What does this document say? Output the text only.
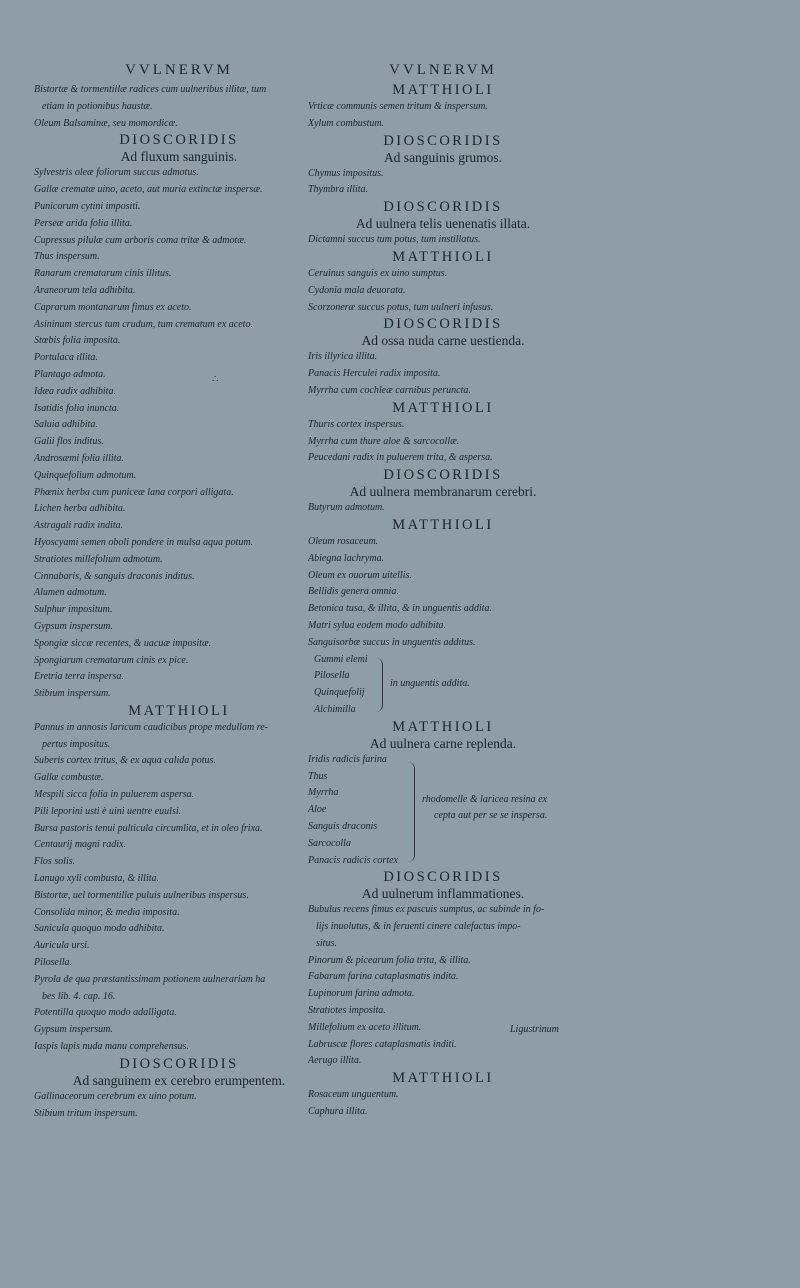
VVLNERVM
Bistortæ & tormentillæ radices cum uulneribus illitæ, tum
etiam in potionibus haustæ.
Oleum Balsaminæ, seu momordicæ.
DIOSCORIDIS
Ad fluxum sanguinis.
Sylvestris oleæ foliorum succus admotus.
Gallæ crematæ uino, aceto, aut muria extinctæ inspersæ.
Punicorum cytini impositi.
Perseæ arida folia illita.
Cupressus pilulæ cum arboris coma tritæ & admotæ.
Thus inspersum.
Ranarum crematarum cinis illitus.
Araneorum tela adhibita.
Caprarum montanarum fimus ex aceto.
Asininum stercus tum crudum, tum crematum ex aceto.
Stœbis folia imposita.
Portulaca illita.
Plantago admota.
Idæa radix adhibita.
Isatidis folia inuncta.
Saluia adhibita.
Galii flos inditus.
Androsæmi folia illita.
Quinquefolium admotum.
Phœnix herba cum puniceæ lana corpori alligata.
Lichen herba adhibita.
Astragali radix indita.
Hyoscyami semen oboli pondere in mulsa aqua potum.
Stratiotes millefolium admotum.
Cinnabaris, & sanguis draconis inditus.
Alumen admotum.
Sulphur impositum.
Gypsum inspersum.
Spongiæ siccæ recentes, & uacuæ impositæ.
Spongiarum crematarum cinis ex pice.
Eretria terra inspersa.
Stibium inspersum.
MATTHIOLI
Pannus in annosis laricum caudicibus prope medullam re-
pertus impositus.
Suberis cortex tritus, & ex aqua calida potus.
Gallæ combustæ.
Mespili sicca folia in puluerem aspersa.
Pili leporini usti è uini uentre euulsi.
Bursa pastoris tenui pulticula circumlita, et in oleo frixa.
Centaurij magni radix.
Flos solis.
Lanugo xyli combusta, & illita.
Bistortæ, uel tormentillæ puluis uulneribus inspersus.
Consolida minor, & media imposita.
Sanicula quoquo modo adhibita.
Auricula ursi.
Pilosella.
Pyrola de qua præstantissimam potionem uulnerariam ha
bes lib. 4. cap. 16.
Potentilla quoquo modo adalligata.
Gypsum inspersum.
Iaspis lapis nuda manu comprehensus.
DIOSCORIDIS
Ad sanguinem ex cerebro erumpentem.
Gallinaceorum cerebrum ex uino potum.
Stibium tritum inspersum.
VVLNERVM
MATTHIOLI
Vrticæ communis semen tritum & inspersum.
Xylum combustum.
DIOSCORIDIS
Ad sanguinis grumos.
Chymus impositus.
Thymbra illita.
DIOSCORIDIS
Ad uulnera telis uenenatis illata.
Dictamni succus tum potus, tum instillatus.
MATTHIOLI
Ceruinus sanguis ex uino sumptus.
Cydonia mala deuorata.
Scorzoneræ succus potus, tum uulneri infusus.
DIOSCORIDIS
Ad ossa nuda carne uestienda.
Iris illyrica illita.
Panacis Herculei radix imposita.
Myrrha cum cochleæ carnibus peruncta.
MATTHIOLI
Thuris cortex inspersus.
Myrrha cum thure aloe & sarcocollæ.
Peucedani radix in puluerem trita, & aspersa.
DIOSCORIDIS
Ad uulnera membranarum cerebri.
Butyrum admotum.
MATTHIOLI
Oleum rosaceum.
Abiegna lachryma.
Oleum ex ouorum uitellis.
Bellidis genera omnia.
Betonica tusa, & illita, & in unguentis addita.
Matri sylua eodem modo adhibita.
Sanguisorbæ succus in unguentis additus.
Gummi elemi
Pilosella
Quinquefolij
Alchimilla
in unguentis addita.
MATTHIOLI
Ad uulnera carne replenda.
Iridis radicis farina
Thus
Myrrha
Aloe
Sanguis draconis
Sarcocolla
Panacis radicis cortex
rhodomelle & laricea resina ex
cepta aut per se se inspersa.
DIOSCORIDIS
Ad uulnerum inflammationes.
Bubulus recens fimus ex pascuis sumptus, ac subinde in fo-
lijs inuolutus, & in feruenti cinere calefactus impo-
situs.
Pinorum & picearum folia trita, & illita.
Fabarum farina cataplasmatis indita.
Lupinorum farina admota.
Stratiotes imposita.
Millefolium ex aceto illitum.
Labruscæ flores cataplasmatis inditi.
Aerugo illita.
MATTHIOLI
Rosaceum unguentum.
Caphura illita.
∴
Ligustrinum
